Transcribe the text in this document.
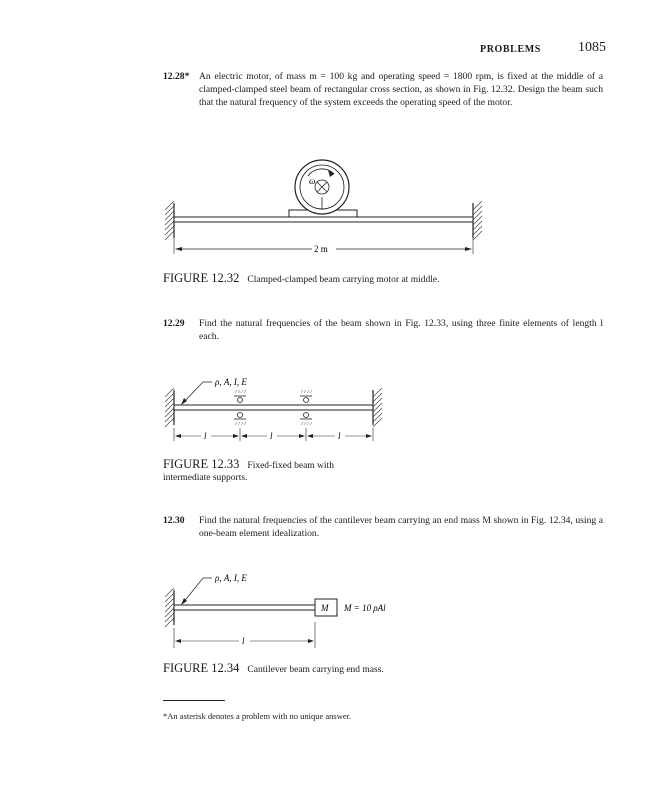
PROBLEMS	1085
12.28* An electric motor, of mass m = 100 kg and operating speed = 1800 rpm, is fixed at the middle of a clamped-clamped steel beam of rectangular cross section, as shown in Fig. 12.32. Design the beam such that the natural frequency of the system exceeds the operating speed of the motor.
ω
2 m
FIGURE 12.32 Clamped-clamped beam carrying motor at middle.
12.29 Find the natural frequencies of the beam shown in Fig. 12.33, using three finite elements of length l each.
ρ, A, I, E
l	l	l
FIGURE 12.33 Fixed-fixed beam with
intermediate supports.
12.30 Find the natural frequencies of the cantilever beam carrying an end mass M shown in Fig. 12.34, using a one-beam element idealization.
M M = 10 ρAl
ρ, A, I, E
l
FIGURE 12.34 Cantilever beam carrying end mass.
*An asterisk denotes a problem with no unique answer.
